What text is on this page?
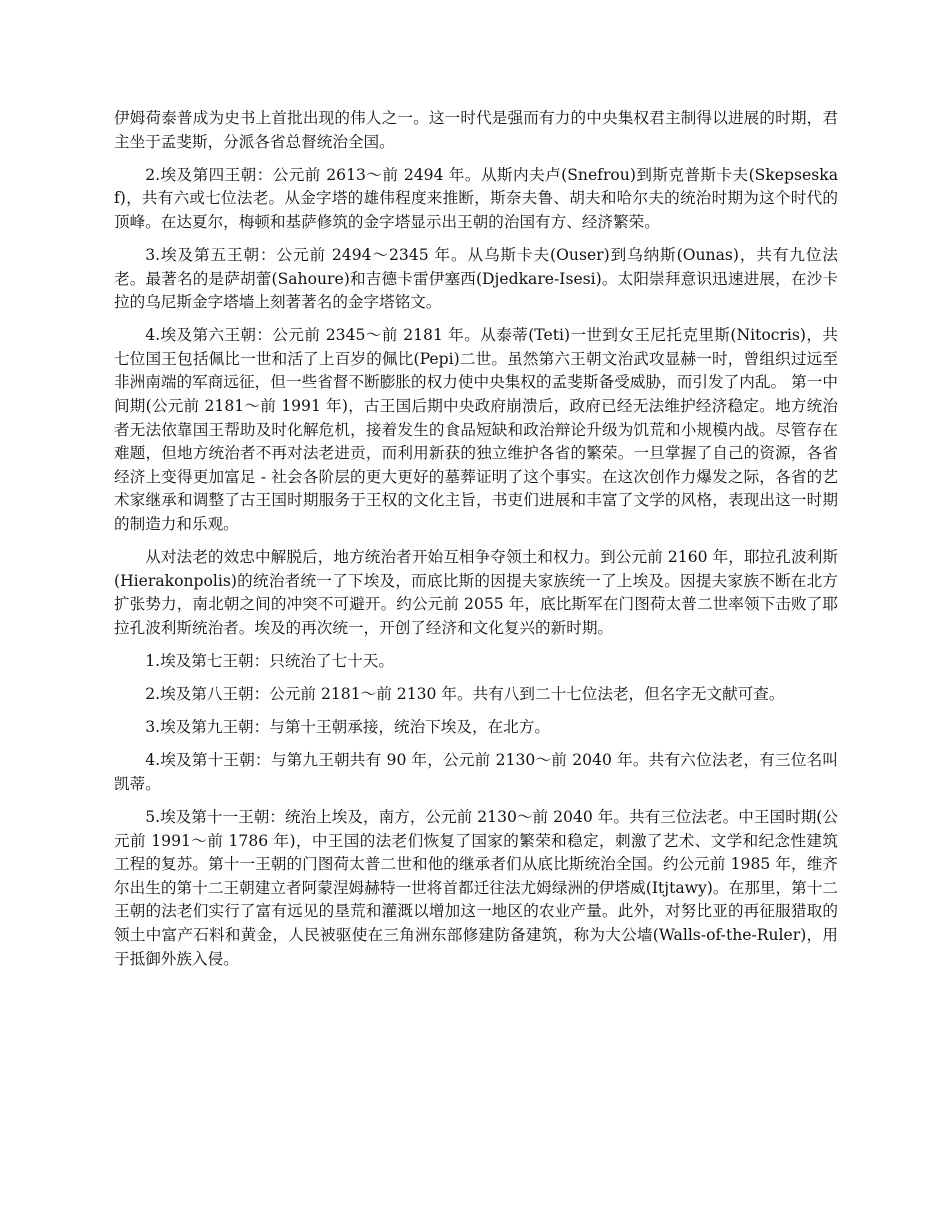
伊姆荷泰普成为史书上首批出现的伟人之一。这一时代是强而有力的中央集权君主制得以进展的时期，君主坐于孟斐斯，分派各省总督统治全国。

2.埃及第四王朝：公元前 2613～前 2494 年。从斯内夫卢(Snefrou)到斯克普斯卡夫(Skepseskaf)，共有六或七位法老。从金字塔的雄伟程度来推断，斯奈夫鲁、胡夫和哈尔夫的统治时期为这个时代的顶峰。在达夏尔，梅顿和基萨修筑的金字塔显示出王朝的治国有方、经济繁荣。

3.埃及第五王朝：公元前 2494～2345 年。从乌斯卡夫(Ouser)到乌纳斯(Ounas)，共有九位法老。最著名的是萨胡蕾(Sahoure)和吉德卡雷伊塞西(Djedkare-Isesi)。太阳崇拜意识迅速进展，在沙卡拉的乌尼斯金字塔墙上刻著著名的金字塔铭文。

4.埃及第六王朝：公元前 2345～前 2181 年。从泰蒂(Teti)一世到女王尼托克里斯(Nitocris)，共七位国王包括佩比一世和活了上百岁的佩比(Pepi)二世。虽然第六王朝文治武攻显赫一时，曾组织过远至非洲南端的军商远征，但一些省督不断膨胀的权力使中央集权的孟斐斯备受威胁，而引发了内乱。 第一中间期(公元前 2181～前 1991 年)，古王国后期中央政府崩溃后，政府已经无法维护经济稳定。地方统治者无法依靠国王帮助及时化解危机，接着发生的食品短缺和政治辩论升级为饥荒和小规模内战。尽管存在难题，但地方统治者不再对法老进贡，而利用新获的独立维护各省的繁荣。一旦掌握了自己的资源，各省经济上变得更加富足 - 社会各阶层的更大更好的墓葬证明了这个事实。在这次创作力爆发之际，各省的艺术家继承和调整了古王国时期服务于王权的文化主旨，书吏们进展和丰富了文学的风格，表现出这一时期的制造力和乐观。

从对法老的效忠中解脱后，地方统治者开始互相争夺领土和权力。到公元前 2160 年，耶拉孔波利斯(Hierakonpolis)的统治者统一了下埃及，而底比斯的因提夫家族统一了上埃及。因提夫家族不断在北方扩张势力，南北朝之间的冲突不可避开。约公元前 2055 年，底比斯军在门图荷太普二世率领下击败了耶拉孔波利斯统治者。埃及的再次统一，开创了经济和文化复兴的新时期。

1.埃及第七王朝：只统治了七十天。

2.埃及第八王朝：公元前 2181～前 2130 年。共有八到二十七位法老，但名字无文献可查。

3.埃及第九王朝：与第十王朝承接，统治下埃及，在北方。

4.埃及第十王朝：与第九王朝共有 90 年，公元前 2130～前 2040 年。共有六位法老，有三位名叫凯蒂。

5.埃及第十一王朝：统治上埃及，南方，公元前 2130～前 2040 年。共有三位法老。中王国时期(公元前 1991～前 1786 年)，中王国的法老们恢复了国家的繁荣和稳定，刺激了艺术、文学和纪念性建筑工程的复苏。第十一王朝的门图荷太普二世和他的继承者们从底比斯统治全国。约公元前 1985 年，维齐尔出生的第十二王朝建立者阿蒙涅姆赫特一世将首都迁往法尤姆绿洲的伊塔威(Itjtawy)。在那里，第十二王朝的法老们实行了富有远见的垦荒和灌溉以增加这一地区的农业产量。此外，对努比亚的再征服猎取的领土中富产石料和黄金，人民被驱使在三角洲东部修建防备建筑，称为大公墙(Walls-of-the-Ruler)，用于抵御外族入侵。
